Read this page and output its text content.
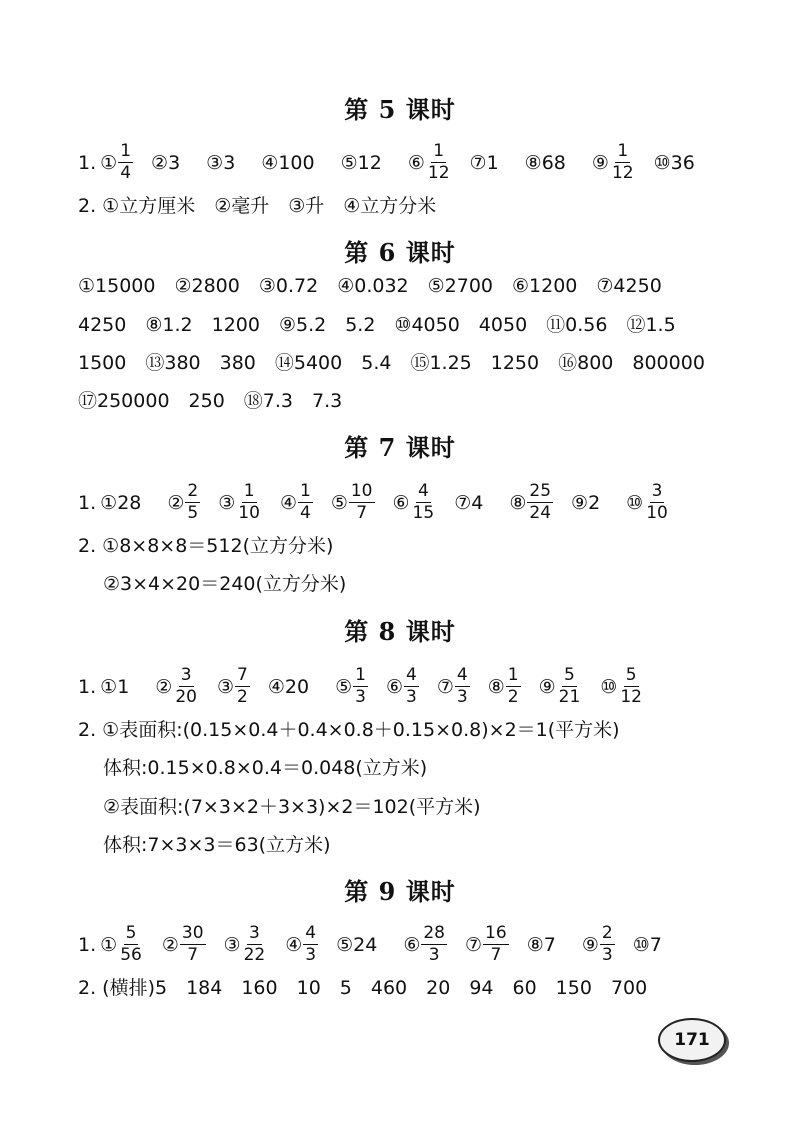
第 5 课时
1. ① $\frac{1}{4}$ ② 3 ③ 3 ④ 100 ⑤ 12 ⑥ $\frac{1}{12}$ ⑦ 1 ⑧ 68 ⑨ $\frac{1}{12}$ ⑩ 36
2. ①立方厘米　②毫升　③升　④立方分米
第 6 课时
①15000　②2800　③0.72　④0.032　⑤2700　⑥1200　⑦4250
4250　⑧1.2　1200　⑨5.2　5.2　⑩4050　4050　⑪0.56　⑫1.5
1500　⑬380　380　⑭5400　5.4　⑮1.25　1250　⑯800　800000
⑰250000　250　⑱7.3　7.3
第 7 课时
1. ① 28 ② $\frac{2}{5}$ ③ $\frac{1}{10}$ ④ $\frac{1}{4}$ ⑤ $\frac{10}{7}$ ⑥ $\frac{4}{15}$ ⑦ 4 ⑧ $\frac{25}{24}$ ⑨ 2 ⑩ $\frac{3}{10}$
2. ①8×8×8＝512(立方分米)
②3×4×20＝240(立方分米)
第 8 课时
1. ① 1 ② $\frac{3}{20}$ ③ $\frac{7}{2}$ ④ 20 ⑤ $\frac{1}{3}$ ⑥ $\frac{4}{3}$ ⑦ $\frac{4}{3}$ ⑧ $\frac{1}{2}$ ⑨ $\frac{5}{21}$ ⑩ $\frac{5}{12}$
2. ①表面积:(0.15×0.4＋0.4×0.8＋0.15×0.8)×2＝1(平方米)
体积:0.15×0.8×0.4＝0.048(立方米)
②表面积:(7×3×2＋3×3)×2＝102(平方米)
体积:7×3×3＝63(立方米)
第 9 课时
1. ① $\frac{5}{56}$ ② $\frac{30}{7}$ ③ $\frac{3}{22}$ ④ $\frac{4}{3}$ ⑤ 24 ⑥ $\frac{28}{3}$ ⑦ $\frac{16}{7}$ ⑧ 7 ⑨ $\frac{2}{3}$ ⑩ 7
2. (横排)5　184　160　10　5　460　20　94　60　150　700
171
